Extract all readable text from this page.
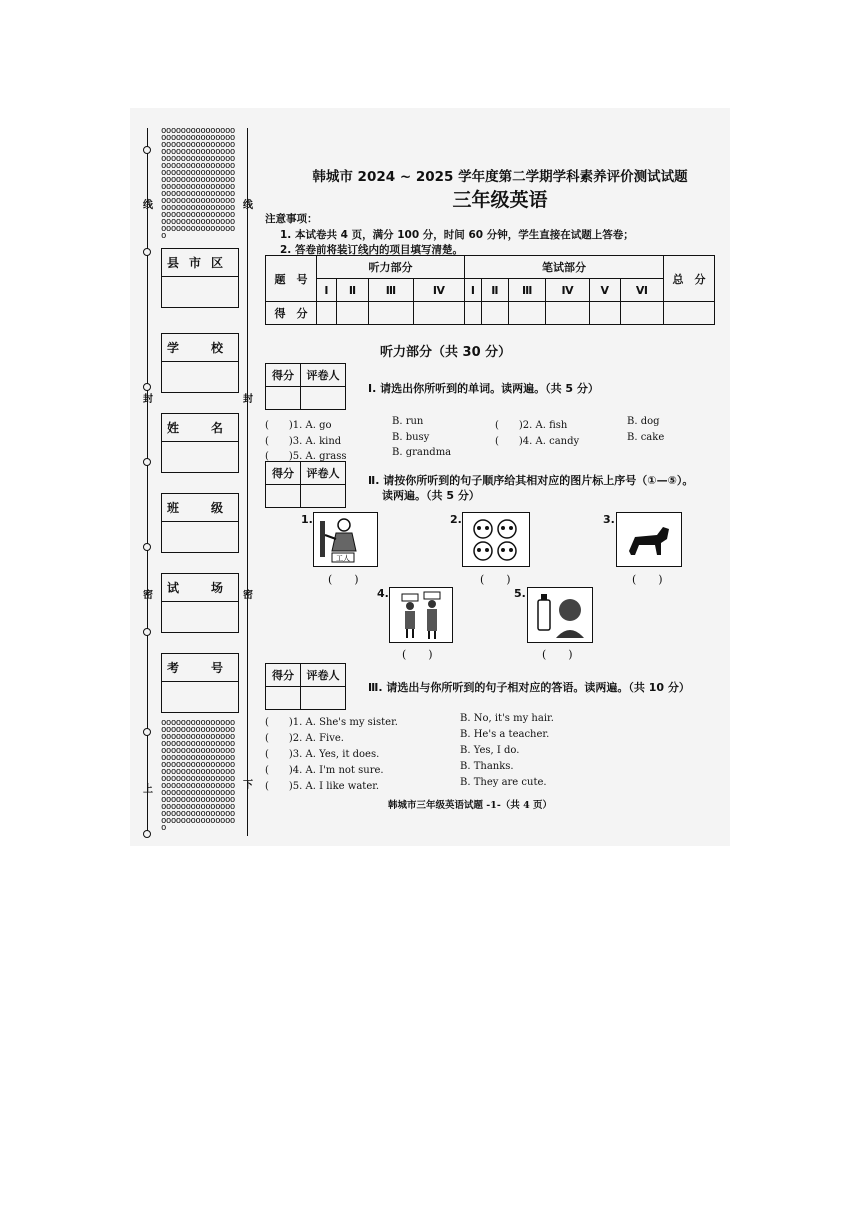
线	线
封	封
密	密
上	下
oooooooooooooooooooooooooooooooooooooooooooooooooooooooooooooooooooooooooooooooooooooooooooooooooooooooooooooooooooooooooooooooooooooooooooooooooooooooooooooooooooooooooooooooooooooooooooooooooooooooooooooooooooooooooooooooooo
oooooooooooooooooooooooooooooooooooooooooooooooooooooooooooooooooooooooooooooooooooooooooooooooooooooooooooooooooooooooooooooooooooooooooooooooooooooooooooooooooooooooooooooooooooooooooooooooooooooooooooooooooooooooooooooooooo
县市区
学　校
姓　名
班　级
试　场
考　号
韩城市 2024 ~ 2025 学年度第二学期学科素养评价测试试题
三年级英语
注意事项：
1. 本试卷共 4 页，满分 100 分，时间 60 分钟，学生直接在试题上答卷；
2. 答卷前将装订线内的项目填写清楚。
题　号	听力部分				笔试部分						总　分
	Ⅰ	Ⅱ	Ⅲ	Ⅳ	Ⅰ	Ⅱ	Ⅲ	Ⅳ	Ⅴ	Ⅵ	
得　分											
听力部分（共 30 分）
得分	评卷人

Ⅰ. 请选出你所听到的单词。读两遍。（共 5 分）
(　　)1. A. go	B. run	(　　)2. A. fish	B. dog
(　　)3. A. kind	B. busy	(　　)4. A. candy	B. cake
(　　)5. A. grass	B. grandma
得分	评卷人

Ⅱ. 请按你所听到的句子顺序给其相对应的图片标上序号（①—⑤）。
读两遍。（共 5 分）
1.
工人
(　　)
2.
(　　)
3.
(　　)
4.
(　　)
5.
(　　)
得分	评卷人

Ⅲ. 请选出与你所听到的句子相对应的答语。读两遍。（共 10 分）
(　　)1. A. She's my sister.	B. No, it's my hair.
(　　)2. A. Five.	B. He's a teacher.
(　　)3. A. Yes, it does.	B. Yes, I do.
(　　)4. A. I'm not sure.	B. Thanks.
(　　)5. A. I like water.	B. They are cute.
韩城市三年级英语试题 -1-（共 4 页）
